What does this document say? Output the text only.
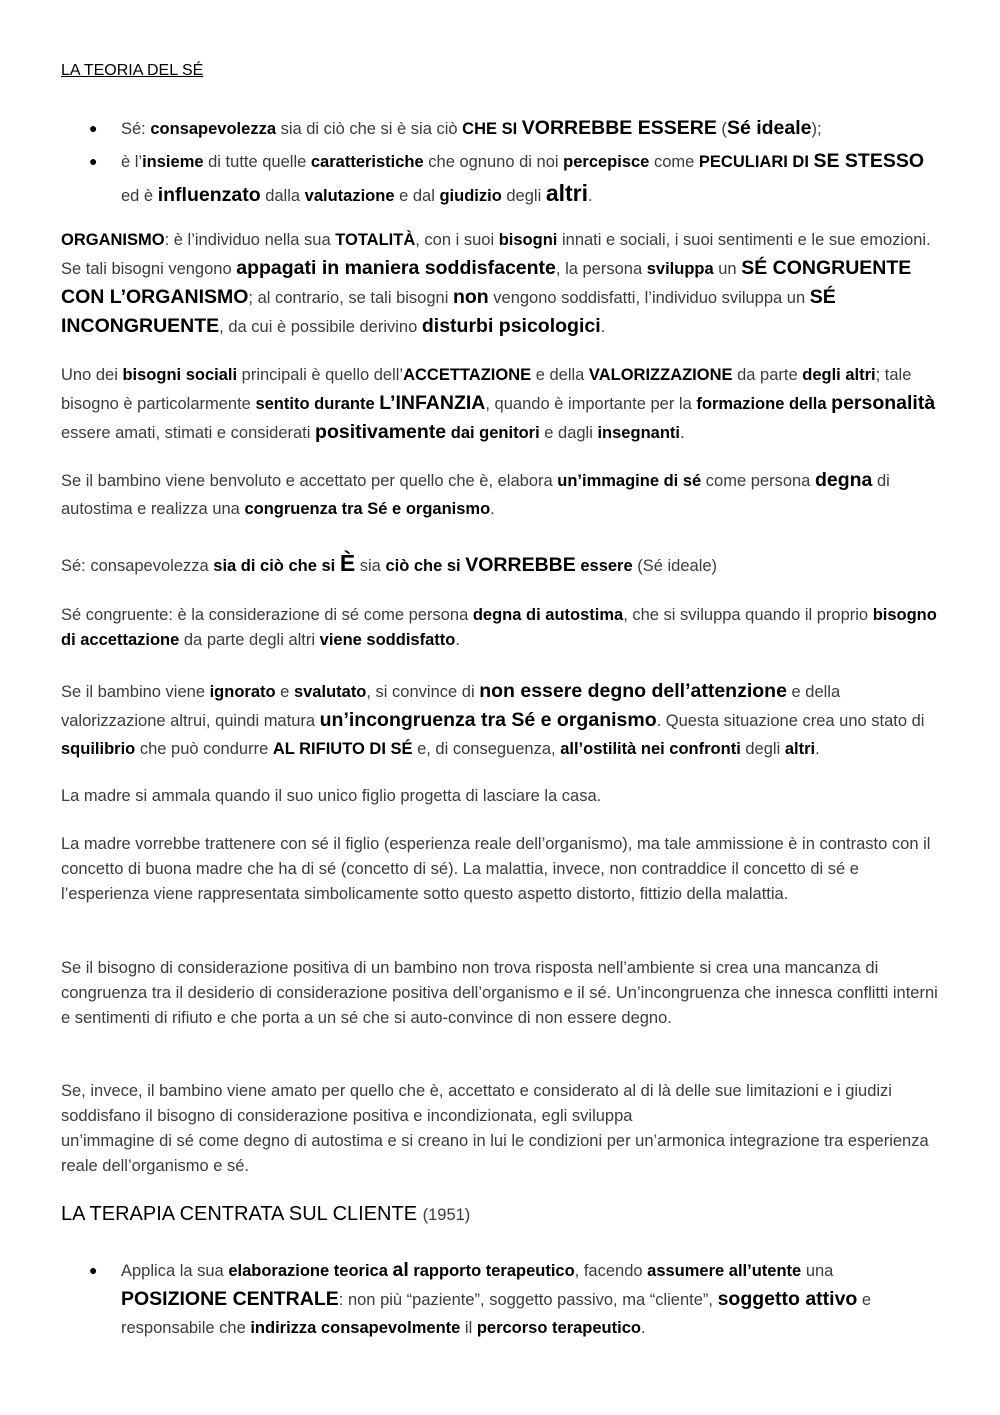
LA TEORIA DEL SÉ
● Sé: consapevolezza sia di ciò che si è sia ciò CHE SI VORREBBE ESSERE (Sé ideale);
● è l’insieme di tutte quelle caratteristiche che ognuno di noi percepisce come PECULIARI DI SE STESSO ed è influenzato dalla valutazione e dal giudizio degli altri.

ORGANISMO: è l’individuo nella sua TOTALITÀ, con i suoi bisogni innati e sociali, i suoi sentimenti e le sue emozioni. Se tali bisogni vengono appagati in maniera soddisfacente, la persona sviluppa un SÉ CONGRUENTE CON L’ORGANISMO; al contrario, se tali bisogni non vengono soddisfatti, l’individuo sviluppa un SÉ INCONGRUENTE, da cui è possibile derivino disturbi psicologici.

Uno dei bisogni sociali principali è quello dell’ACCETTAZIONE e della VALORIZZAZIONE da parte degli altri; tale bisogno è particolarmente sentito durante L’INFANZIA, quando è importante per la formazione della personalità essere amati, stimati e considerati positivamente dai genitori e dagli insegnanti.

Se il bambino viene benvoluto e accettato per quello che è, elabora un’immagine di sé come persona degna di autostima e realizza una congruenza tra Sé e organismo.

Sé: consapevolezza sia di ciò che si È sia ciò che si VORREBBE essere (Sé ideale)

Sé congruente: è la considerazione di sé come persona degna di autostima, che si sviluppa quando il proprio bisogno di accettazione da parte degli altri viene soddisfatto.

Se il bambino viene ignorato e svalutato, si convince di non essere degno dell’attenzione e della valorizzazione altrui, quindi matura un’incongruenza tra Sé e organismo. Questa situazione crea uno stato di squilibrio che può condurre AL RIFIUTO DI SÉ e, di conseguenza, all’ostilità nei confronti degli altri.

La madre si ammala quando il suo unico figlio progetta di lasciare la casa.

La madre vorrebbe trattenere con sé il figlio (esperienza reale dell’organismo), ma tale ammissione è in contrasto con il concetto di buona madre che ha di sé (concetto di sé). La malattia, invece, non contraddice il concetto di sé e l’esperienza viene rappresentata simbolicamente sotto questo aspetto distorto, fittizio della malattia.

Se il bisogno di considerazione positiva di un bambino non trova risposta nell’ambiente si crea una mancanza di congruenza tra il desiderio di considerazione positiva dell’organismo e il sé. Un’incongruenza che innesca conflitti interni e sentimenti di rifiuto e che porta a un sé che si auto-convince di non essere degno.

Se, invece, il bambino viene amato per quello che è, accettato e considerato al di là delle sue limitazioni e i giudizi soddisfano il bisogno di considerazione positiva e incondizionata, egli sviluppa
un’immagine di sé come degno di autostima e si creano in lui le condizioni per un’armonica integrazione tra esperienza reale dell’organismo e sé.

LA TERAPIA CENTRATA SUL CLIENTE (1951)
● Applica la sua elaborazione teorica al rapporto terapeutico, facendo assumere all’utente una POSIZIONE CENTRALE: non più “paziente”, soggetto passivo, ma “cliente”, soggetto attivo e responsabile che indirizza consapevolmente il percorso terapeutico.
